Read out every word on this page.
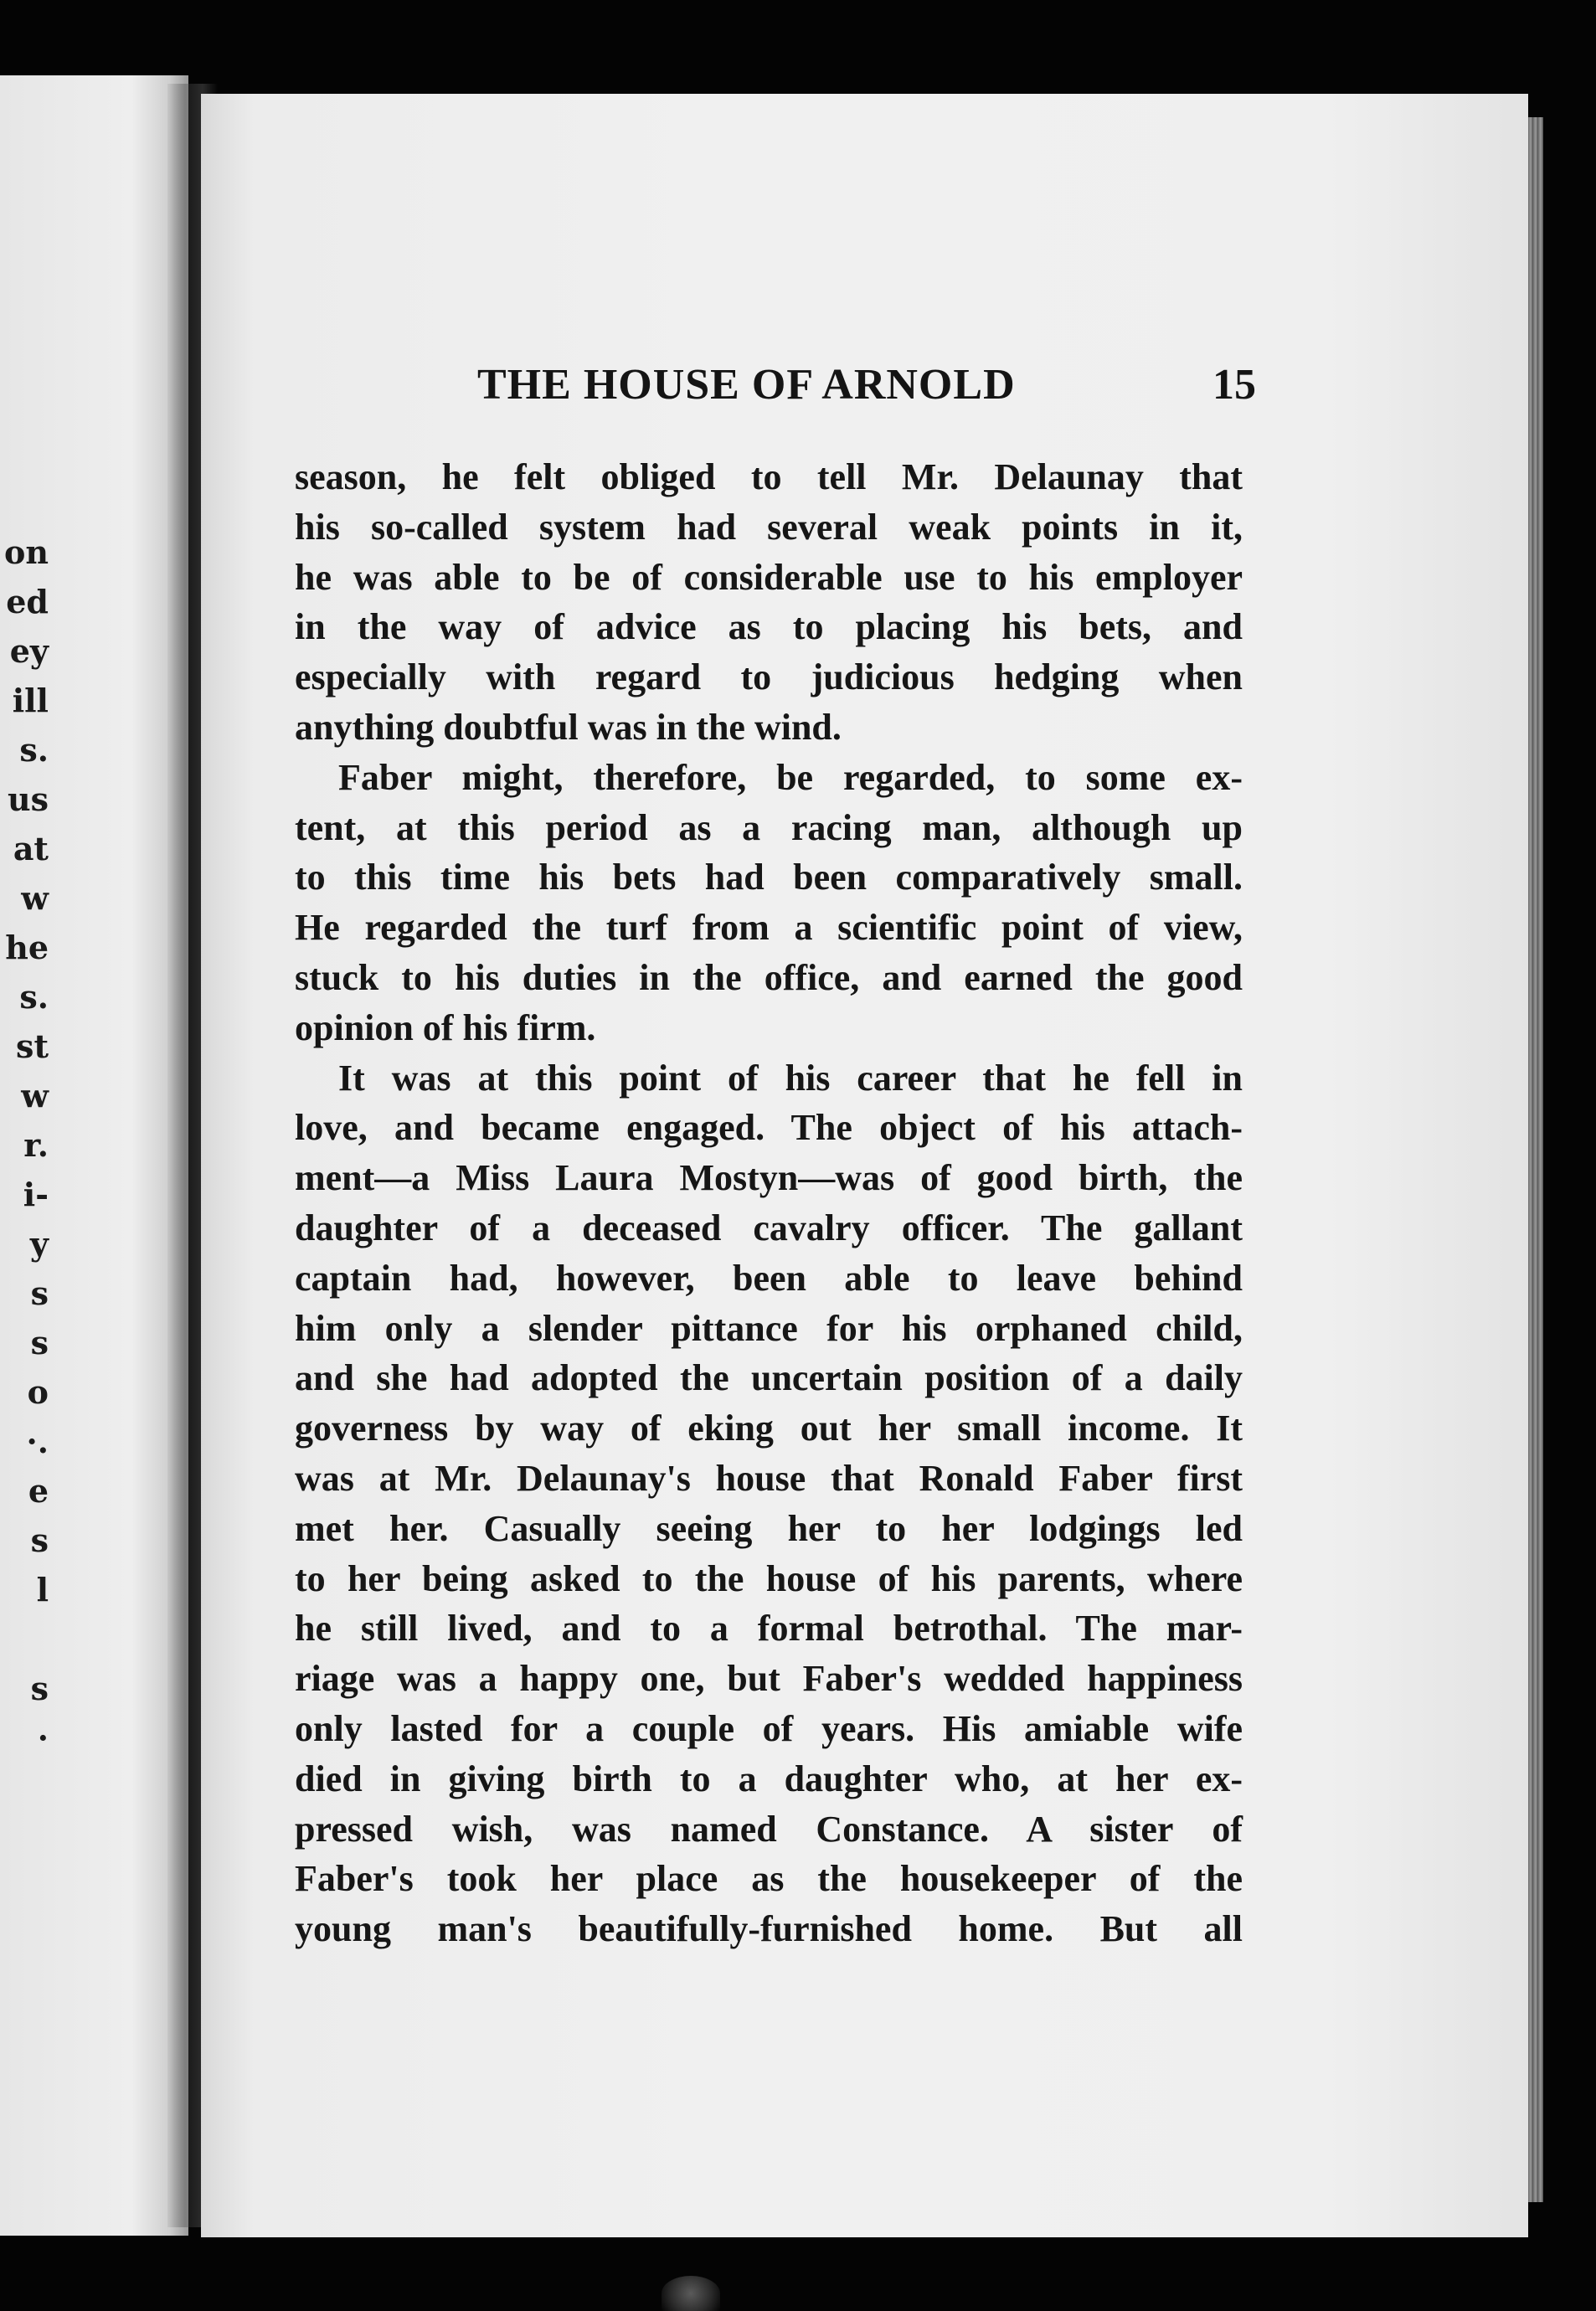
on
ed
ey
ill
s.
us
at
w
he
s.
st
w
r.
i-
y
s
s
o
·.
e
s
l
s
·
THE HOUSE OF ARNOLD	15
season, he felt obliged to tell Mr. Delaunay that
his so-called system had several weak points in it,
he was able to be of considerable use to his employer
in the way of advice as to placing his bets, and
especially with regard to judicious hedging when
anything doubtful was in the wind.
Faber might, therefore, be regarded, to some ex-
tent, at this period as a racing man, although up
to this time his bets had been comparatively small.
He regarded the turf from a scientific point of view,
stuck to his duties in the office, and earned the good
opinion of his firm.
It was at this point of his career that he fell in
love, and became engaged. The object of his attach-
ment—a Miss Laura Mostyn—was of good birth, the
daughter of a deceased cavalry officer. The gallant
captain had, however, been able to leave behind
him only a slender pittance for his orphaned child,
and she had adopted the uncertain position of a daily
governess by way of eking out her small income. It
was at Mr. Delaunay's house that Ronald Faber first
met her. Casually seeing her to her lodgings led
to her being asked to the house of his parents, where
he still lived, and to a formal betrothal. The mar-
riage was a happy one, but Faber's wedded happiness
only lasted for a couple of years. His amiable wife
died in giving birth to a daughter who, at her ex-
pressed wish, was named Constance. A sister of
Faber's took her place as the housekeeper of the
young man's beautifully-furnished home. But all
